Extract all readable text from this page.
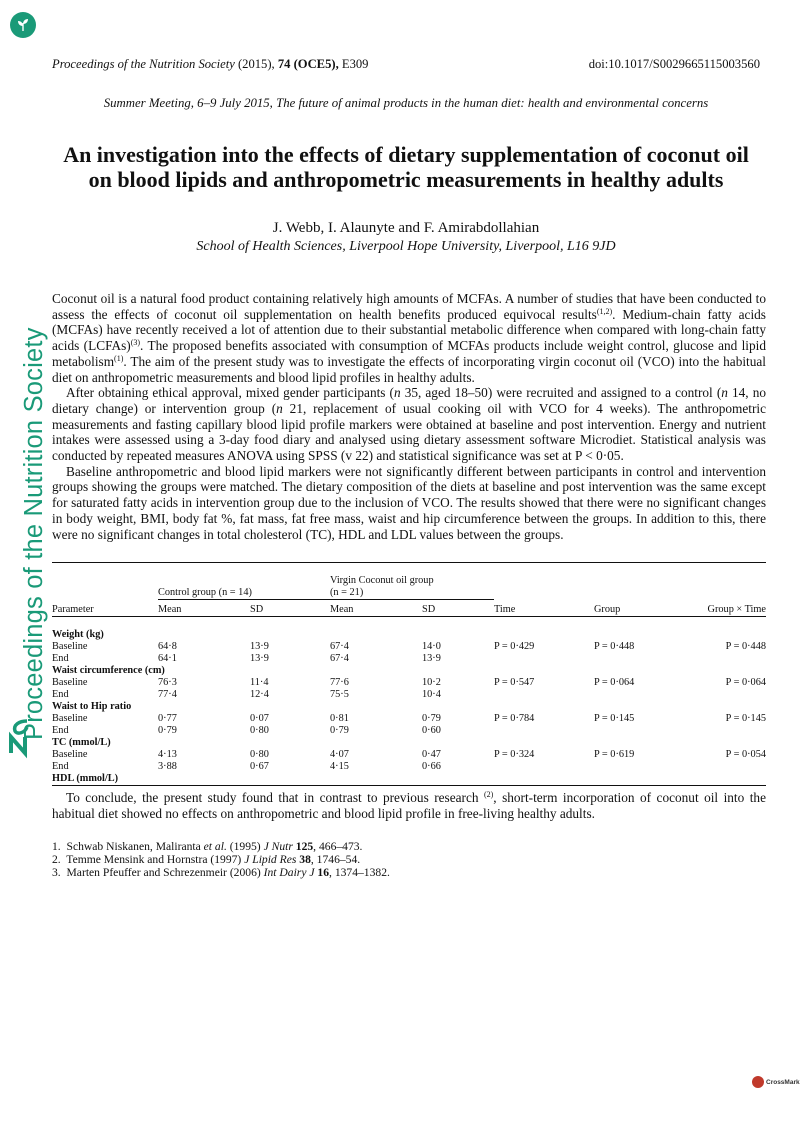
Proceedings of the Nutrition Society
Proceedings of the Nutrition Society (2015), 74 (OCE5), E309	doi:10.1017/S0029665115003560
Summer Meeting, 6–9 July 2015, The future of animal products in the human diet: health and environmental concerns
An investigation into the effects of dietary supplementation of coconut oil
on blood lipids and anthropometric measurements in healthy adults
J. Webb, I. Alaunyte and F. Amirabdollahian
School of Health Sciences, Liverpool Hope University, Liverpool, L16 9JD

Coconut oil is a natural food product containing relatively high amounts of MCFAs. A number of studies that have been conducted to assess the effects of coconut oil supplementation on health benefits produced equivocal results$^{(1,2)}$. Medium-chain fatty acids (MCFAs) have recently received a lot of attention due to their substantial metabolic difference when compared with long-chain fatty acids (LCFAs)$^{(3)}$. The proposed benefits associated with consumption of MCFAs products include weight control, glucose and lipid metabolism$^{(1)}$. The aim of the present study was to investigate the effects of incorporating virgin coconut oil (VCO) into the habitual diet on anthropometric measurements and blood lipid profiles in healthy adults.

After obtaining ethical approval, mixed gender participants (n 35, aged 18–50) were recruited and assigned to a control (n 14, no dietary change) or intervention group (n 21, replacement of usual cooking oil with VCO for 4 weeks). The anthropometric measurements and fasting capillary blood lipid profile markers were obtained at baseline and post intervention. Energy and nutrient intakes were assessed using a 3-day food diary and analysed using dietary assessment software Microdiet. Statistical analysis was conducted by repeated measures ANOVA using SPSS (v 22) and statistical significance was set at P < 0·05.

Baseline anthropometric and blood lipid markers were not significantly different between participants in control and intervention groups showing the groups were matched. The dietary composition of the diets at baseline and post intervention was the same except for saturated fatty acids in intervention group due to the inclusion of VCO. The results showed that there were no significant changes in body weight, BMI, body fat %, fat mass, fat free mass, waist and hip circumference between the groups. In addition to this, there were no significant changes in total cholesterol (TC), HDL and LDL values between the groups.

			Virgin Coconut oil group				
	Control group (n = 14)		(n = 21)				
Parameter	Mean	SD	Mean	SD	Time	Group	Group × Time

Weight (kg)							
Baseline	64·8	13·9	67·4	14·0	P = 0·429	P = 0·448	P = 0·448
End	64·1	13·9	67·4	13·9			
Waist circumference (cm)							
Baseline	76·3	11·4	77·6	10·2	P = 0·547	P = 0·064	P = 0·064
End	77·4	12·4	75·5	10·4			
Waist to Hip ratio							
Baseline	0·77	0·07	0·81	0·79	P = 0·784	P = 0·145	P = 0·145
End	0·79	0·80	0·79	0·60			
TC (mmol/L)							
Baseline	4·13	0·80	4·07	0·47	P = 0·324	P = 0·619	P = 0·054
End	3·88	0·67	4·15	0·66			
HDL (mmol/L)							
To conclude, the present study found that in contrast to previous research $^{(2)}$, short-term incorporation of coconut oil into the habitual diet showed no effects on anthropometric and blood lipid profile in free-living healthy adults.
1. Schwab Niskanen, Maliranta et al. (1995) J Nutr 125, 466–473.
2. Temme Mensink and Hornstra (1997) J Lipid Res 38, 1746–54.
3. Marten Pfeuffer and Schrezenmeir (2006) Int Dairy J 16, 1374–1382.
CrossMark
